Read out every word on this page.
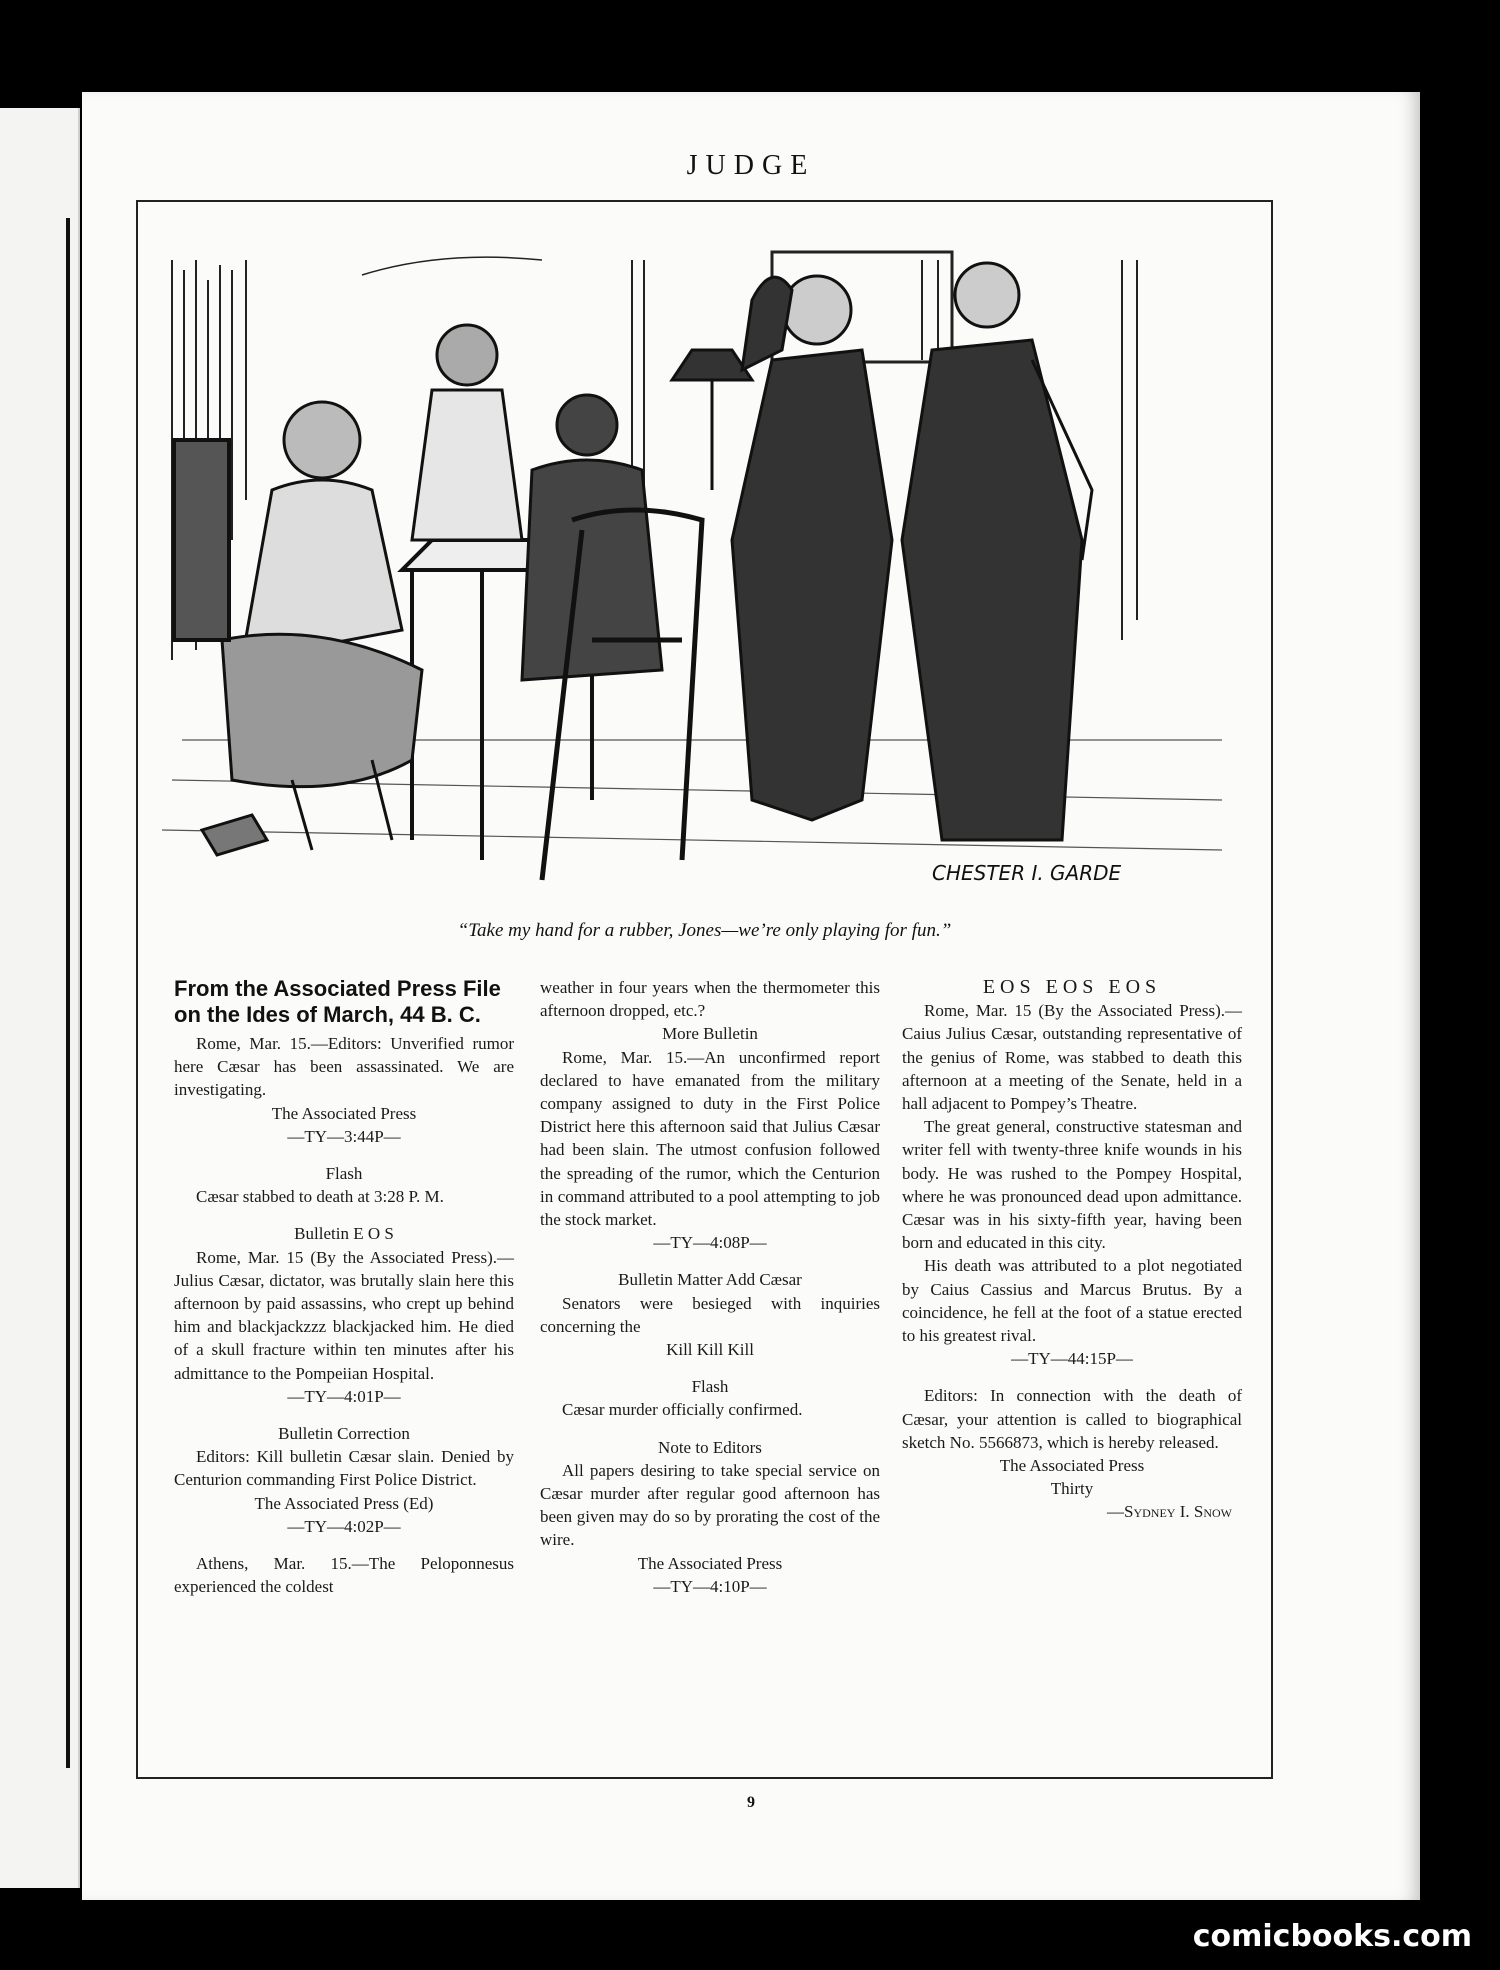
JUDGE
CHESTER I. GARDE
“Take my hand for a rubber, Jones—we’re only playing for fun.”
From the Associated Press File
on the Ides of March, 44 B. C.

Rome, Mar. 15.—Editors: Unverified rumor here Cæsar has been assassinated. We are investigating.

The Associated Press

—TY—3:44P—

Flash

Cæsar stabbed to death at 3:28 P. M.

Bulletin E O S

Rome, Mar. 15 (By the Associated Press).—Julius Cæsar, dictator, was brutally slain here this afternoon by paid assassins, who crept up behind him and blackjackzzz blackjacked him. He died of a skull fracture within ten minutes after his admittance to the Pompeiian Hospital.

—TY—4:01P—

Bulletin Correction

Editors: Kill bulletin Cæsar slain. Denied by Centurion commanding First Police District.

The Associated Press (Ed)

—TY—4:02P—

Athens, Mar. 15.—The Peloponnesus experienced the coldest

weather in four years when the thermometer this afternoon dropped, etc.?

More Bulletin

Rome, Mar. 15.—An unconfirmed report declared to have emanated from the military company assigned to duty in the First Police District here this afternoon said that Julius Cæsar had been slain. The utmost confusion followed the spreading of the rumor, which the Centurion in command attributed to a pool attempting to job the stock market.

—TY—4:08P—

Bulletin Matter Add Cæsar

Senators were besieged with inquiries concerning the

Kill Kill Kill

Flash

Cæsar murder officially confirmed.

Note to Editors

All papers desiring to take special service on Cæsar murder after regular good afternoon has been given may do so by prorating the cost of the wire.

The Associated Press

—TY—4:10P—

EOS EOS EOS

Rome, Mar. 15 (By the Associated Press).—Caius Julius Cæsar, outstanding representative of the genius of Rome, was stabbed to death this afternoon at a meeting of the Senate, held in a hall adjacent to Pompey’s Theatre.

The great general, constructive statesman and writer fell with twenty-three knife wounds in his body. He was rushed to the Pompey Hospital, where he was pronounced dead upon admittance. Cæsar was in his sixty-fifth year, having been born and educated in this city.

His death was attributed to a plot negotiated by Caius Cassius and Marcus Brutus. By a coincidence, he fell at the foot of a statue erected to his greatest rival.

—TY—44:15P—

Editors: In connection with the death of Cæsar, your attention is called to biographical sketch No. 5566873, which is hereby released.

The Associated Press

Thirty

—Sydney I. Snow

9
comicbooks.com
